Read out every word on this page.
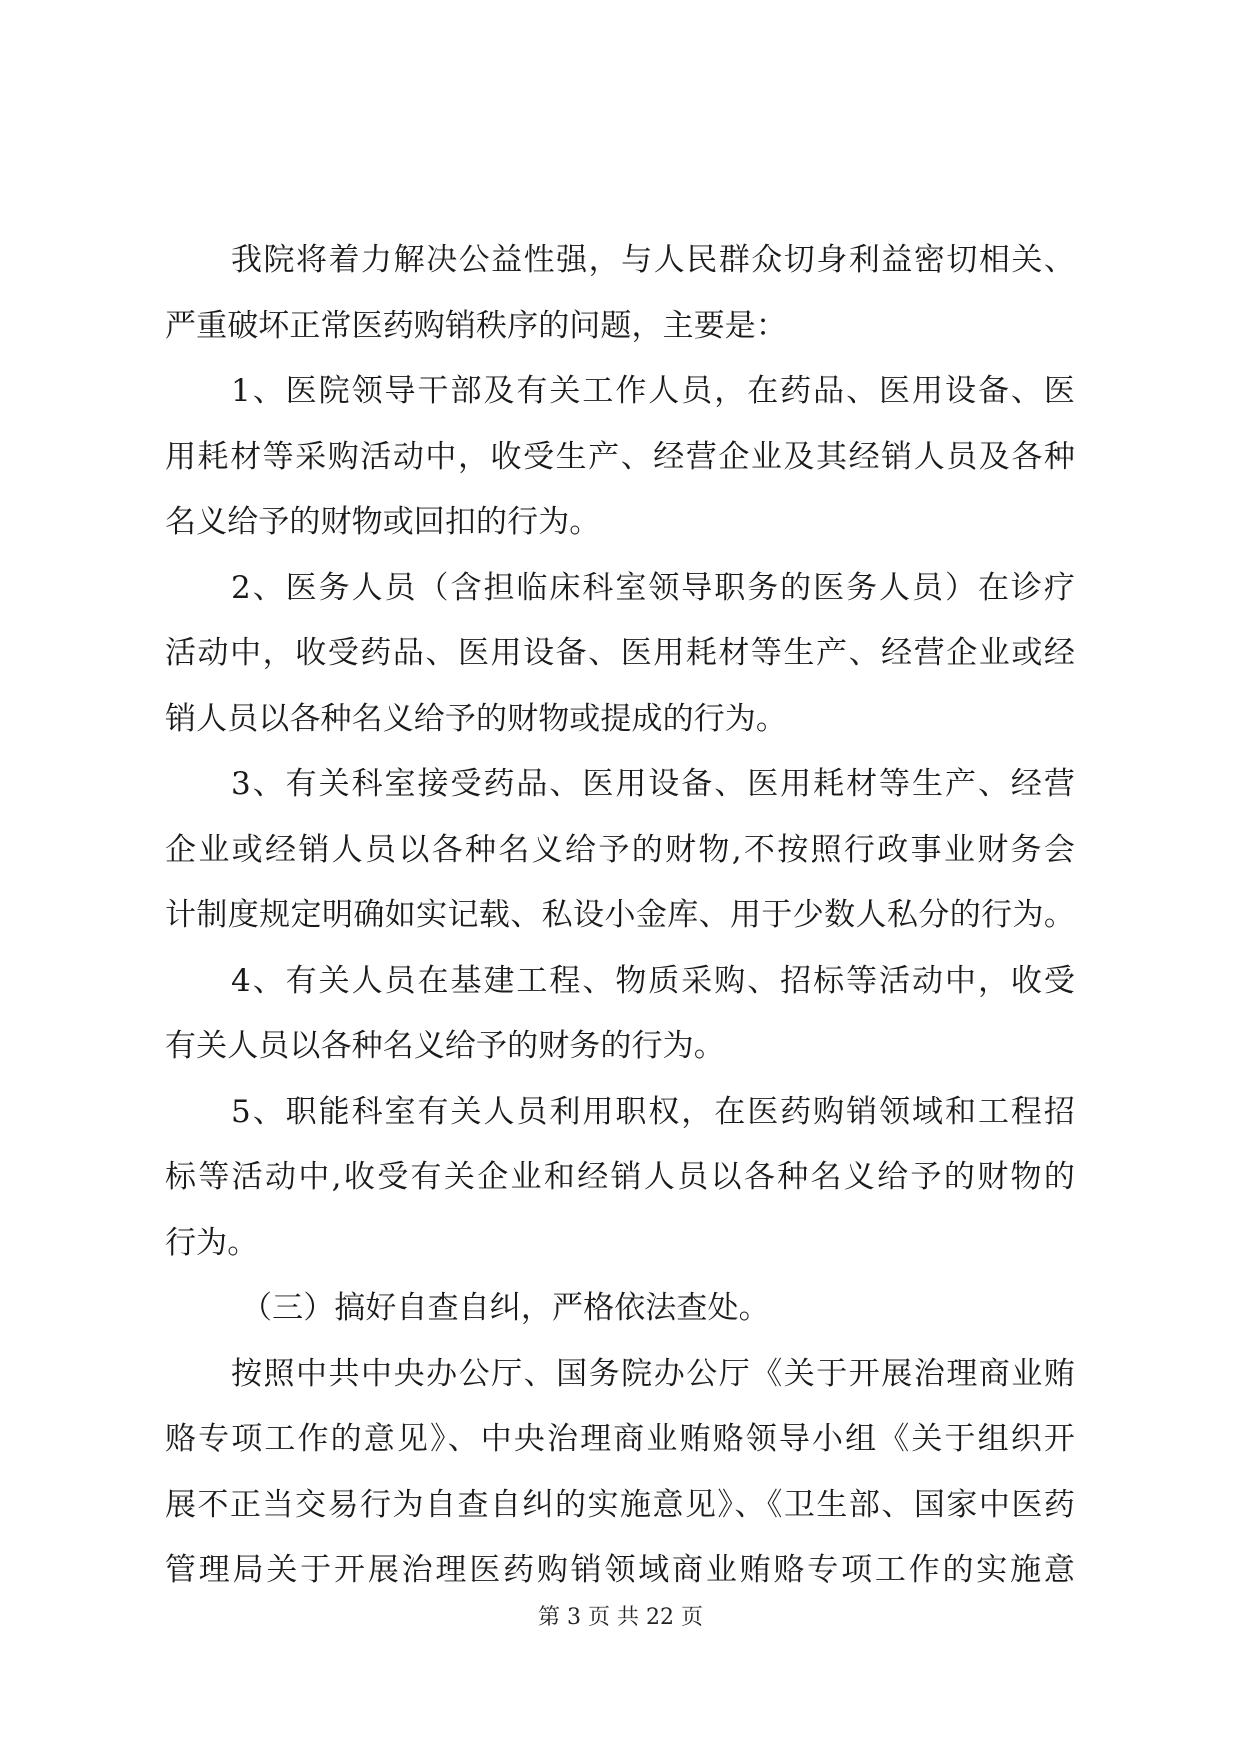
我院将着力解决公益性强，与人民群众切身利益密切相关、
严重破坏正常医药购销秩序的问题，主要是：
1、医院领导干部及有关工作人员，在药品、医用设备、医
用耗材等采购活动中，收受生产、经营企业及其经销人员及各种
名义给予的财物或回扣的行为。
2、医务人员（含担临床科室领导职务的医务人员）在诊疗
活动中，收受药品、医用设备、医用耗材等生产、经营企业或经
销人员以各种名义给予的财物或提成的行为。
3、有关科室接受药品、医用设备、医用耗材等生产、经营
企业或经销人员以各种名义给予的财物,不按照行政事业财务会
计制度规定明确如实记载、私设小金库、用于少数人私分的行为。
4、有关人员在基建工程、物质采购、招标等活动中，收受
有关人员以各种名义给予的财务的行为。
5、职能科室有关人员利用职权，在医药购销领域和工程招
标等活动中,收受有关企业和经销人员以各种名义给予的财物的
行为。
（三）搞好自查自纠，严格依法查处。
按照中共中央办公厅、国务院办公厅《关于开展治理商业贿
赂专项工作的意见》、中央治理商业贿赂领导小组《关于组织开
展不正当交易行为自查自纠的实施意见》、《卫生部、国家中医药
管理局关于开展治理医药购销领域商业贿赂专项工作的实施意
第 3 页 共 22 页
